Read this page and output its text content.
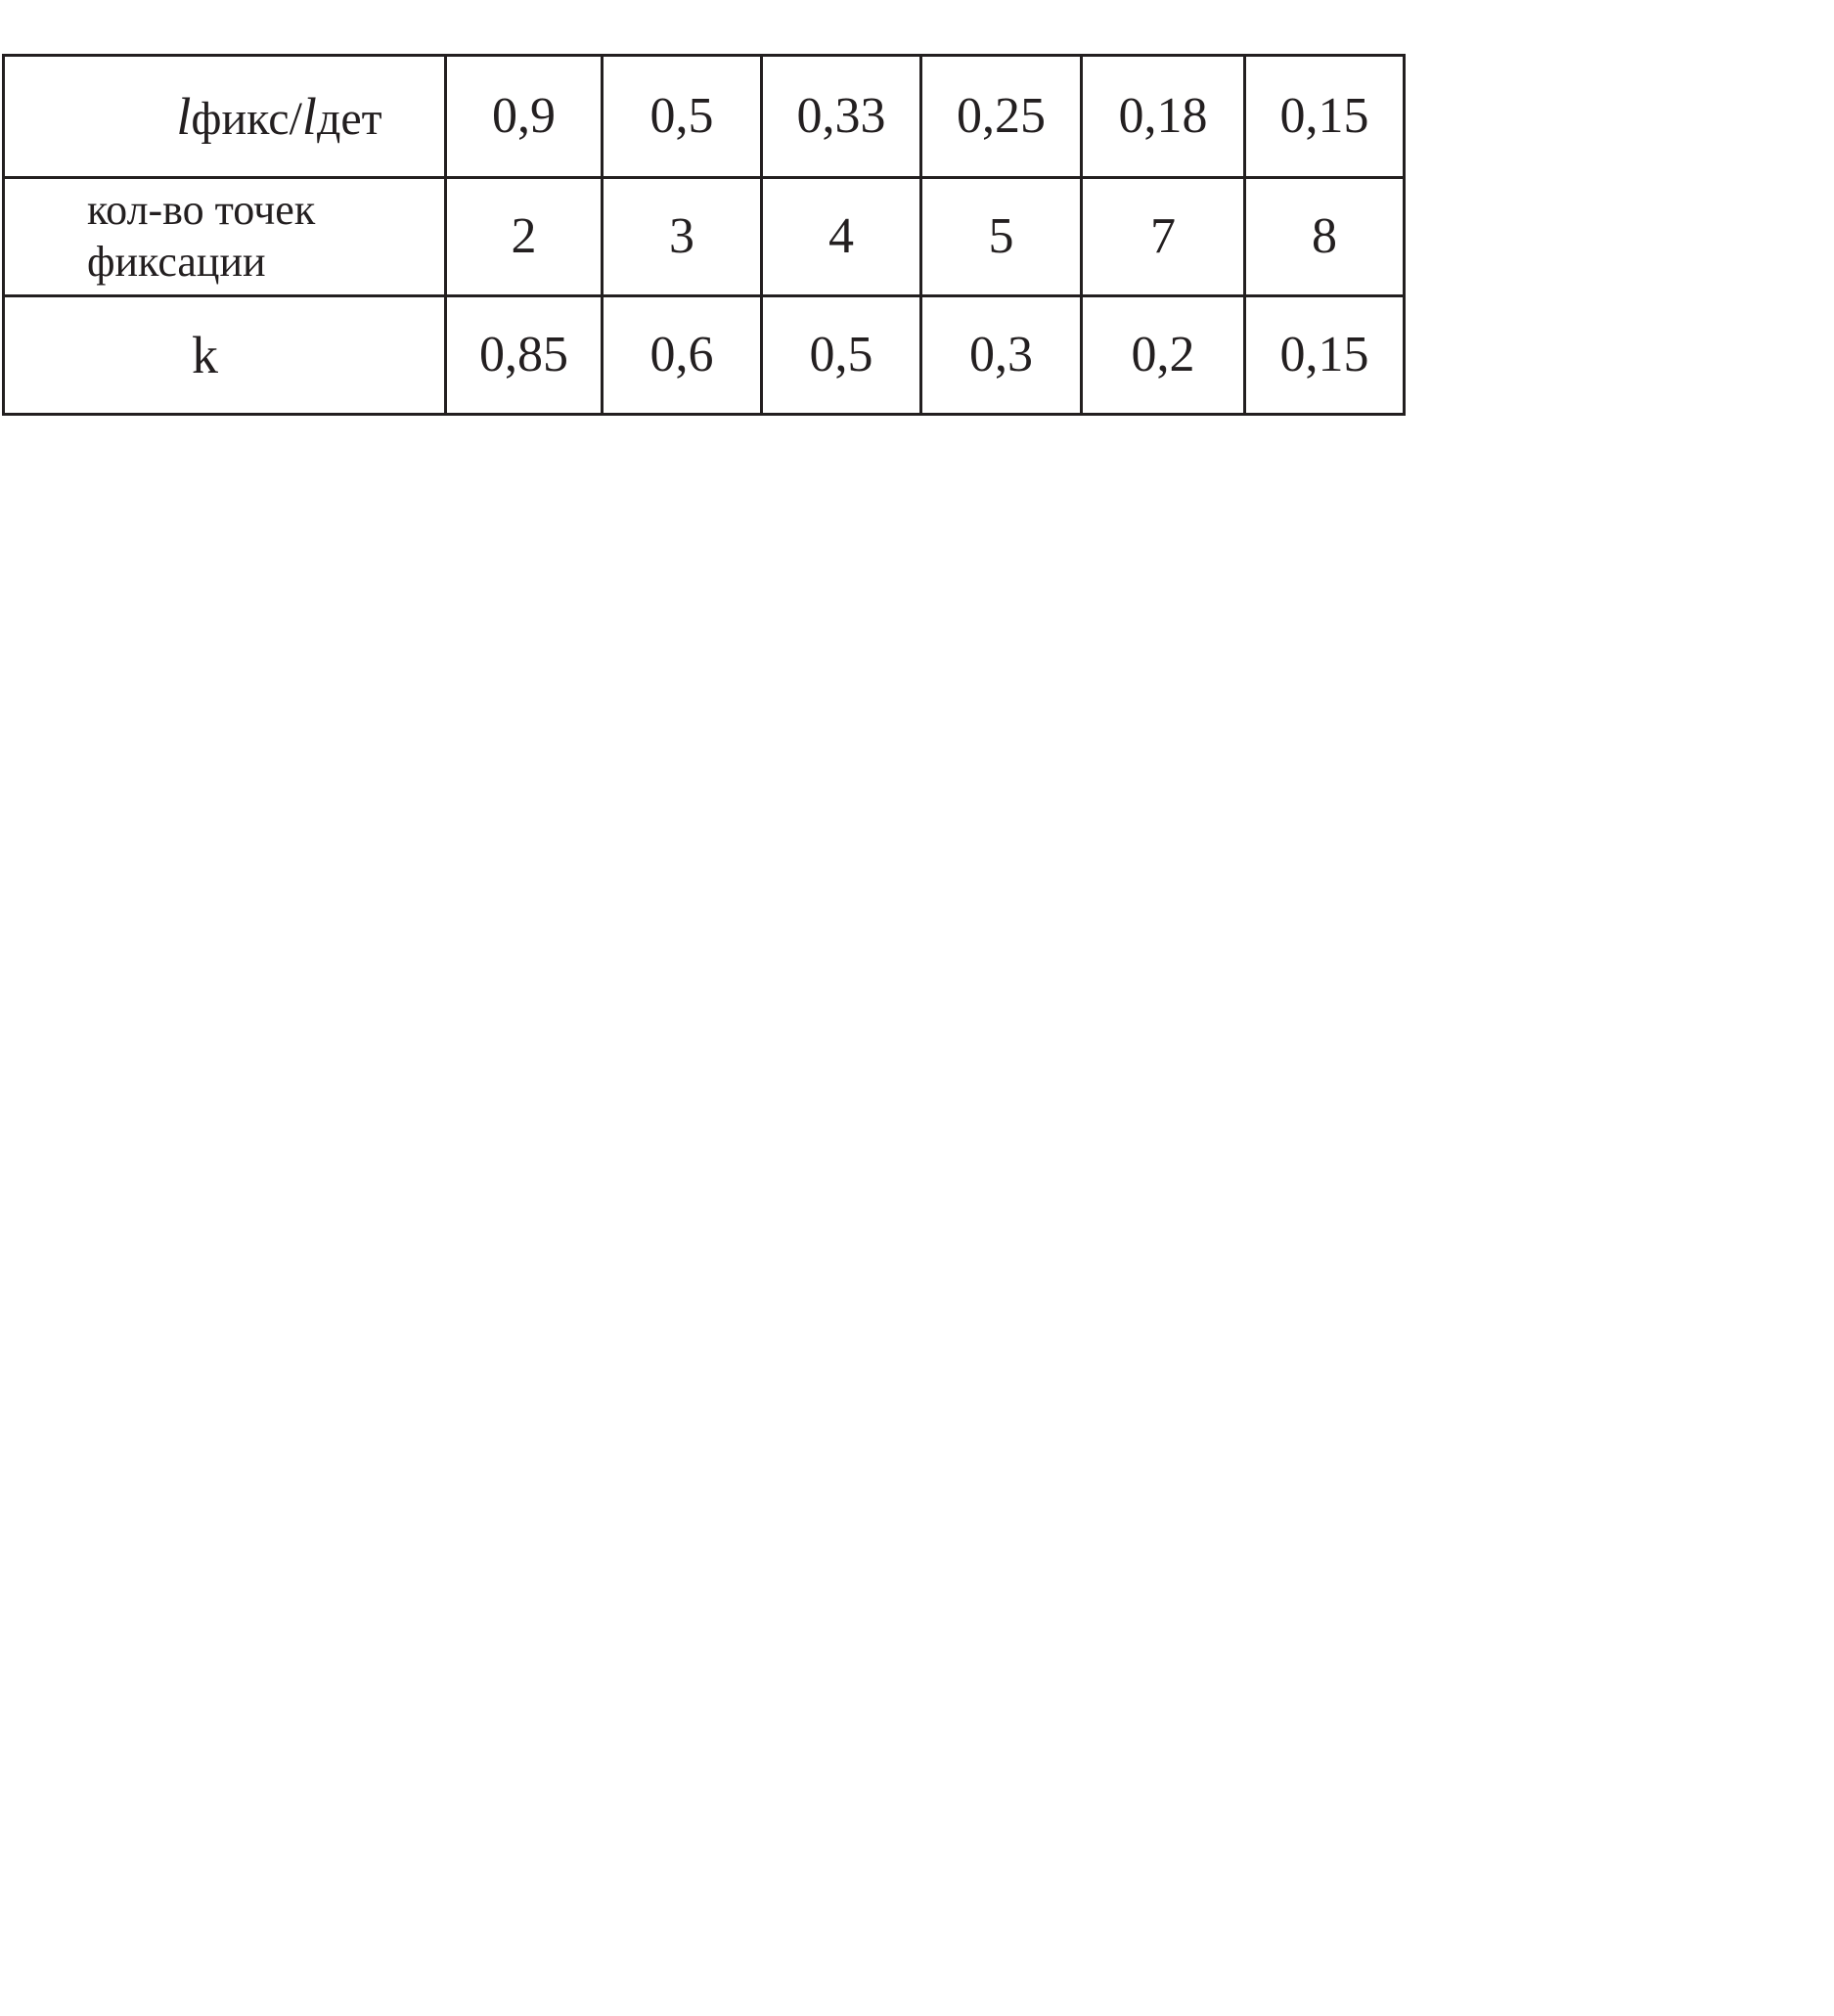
lфикс/lдет	0,9	0,5	0,33	0,25	0,18	0,15
кол-во точек
фиксации	2	3	4	5	7	8
k	0,85	0,6	0,5	0,3	0,2	0,15
